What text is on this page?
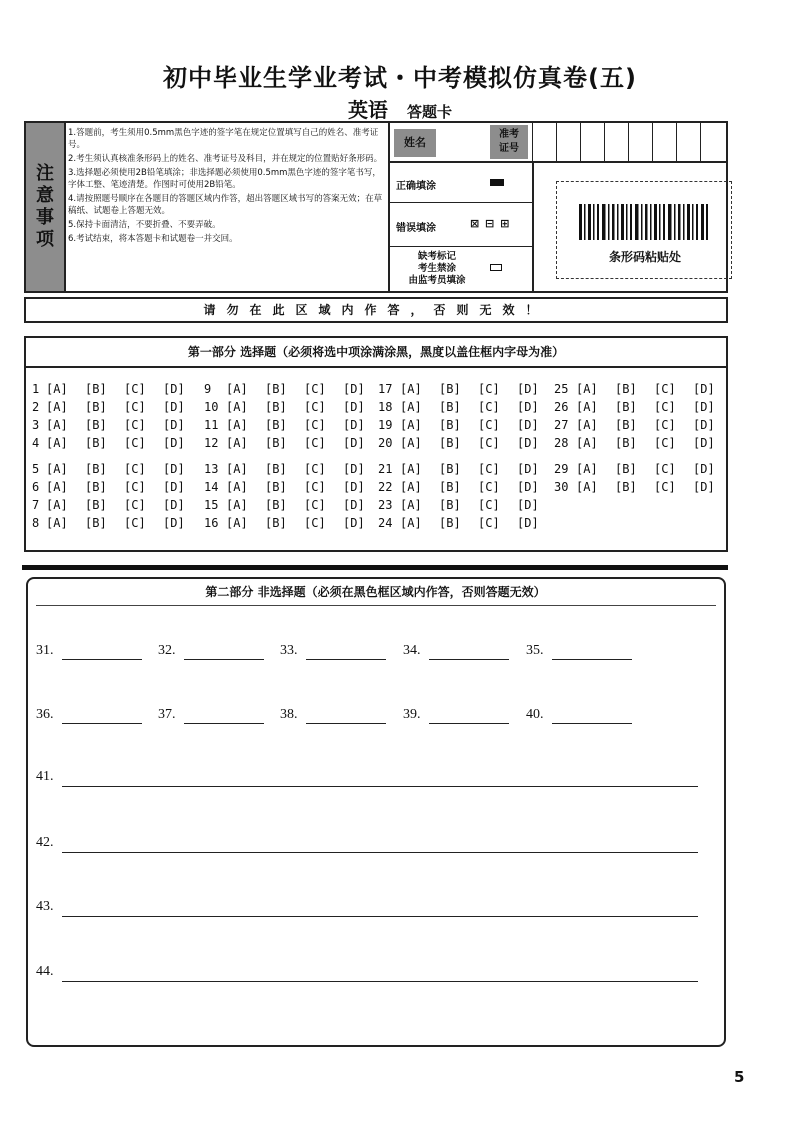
初中毕业生学业考试・中考模拟仿真卷(五)
英语 答题卡
注
意
事
项
1.答题前，考生须用0.5mm黑色字迹的签字笔在规定位置填写自己的姓名、准考证号。
2.考生须认真核准条形码上的姓名、准考证号及科目，并在规定的位置贴好条形码。
3.选择题必须使用2B铅笔填涂；非选择题必须使用0.5mm黑色字迹的签字笔书写，字体工整、笔迹清楚。作图时可使用2B铅笔。
4.请按照题号顺序在各题目的答题区域内作答，超出答题区域书写的答案无效；在草稿纸、试题卷上答题无效。
5.保持卡面清洁，不要折叠、不要弄破。
6.考试结束，将本答题卡和试题卷一并交回。
姓名
准考
证号
正确填涂
错误填涂	⊠ ⊟ ⊞
缺考标记
考生禁涂
由监考员填涂
条形码粘贴处
请勿在此区域内作答，否则无效！
第一部分 选择题（必须将选中项涂满涂黑，黑度以盖住框内字母为准）
1 [A] [B] [C] [D]
2 [A] [B] [C] [D]
3 [A] [B] [C] [D]
4 [A] [B] [C] [D]
5 [A] [B] [C] [D]
6 [A] [B] [C] [D]
7 [A] [B] [C] [D]
8 [A] [B] [C] [D]
9 [A] [B] [C] [D]
10 [A] [B] [C] [D]
11 [A] [B] [C] [D]
12 [A] [B] [C] [D]
13 [A] [B] [C] [D]
14 [A] [B] [C] [D]
15 [A] [B] [C] [D]
16 [A] [B] [C] [D]
17 [A] [B] [C] [D]
18 [A] [B] [C] [D]
19 [A] [B] [C] [D]
20 [A] [B] [C] [D]
21 [A] [B] [C] [D]
22 [A] [B] [C] [D]
23 [A] [B] [C] [D]
24 [A] [B] [C] [D]
25 [A] [B] [C] [D]
26 [A] [B] [C] [D]
27 [A] [B] [C] [D]
28 [A] [B] [C] [D]
29 [A] [B] [C] [D]
30 [A] [B] [C] [D]
第二部分 非选择题（必须在黑色框区域内作答，否则答题无效）
31.	32.	33.	34.	35.
36.	37.	38.	39.	40.
41.
42.
43.
44.
5
